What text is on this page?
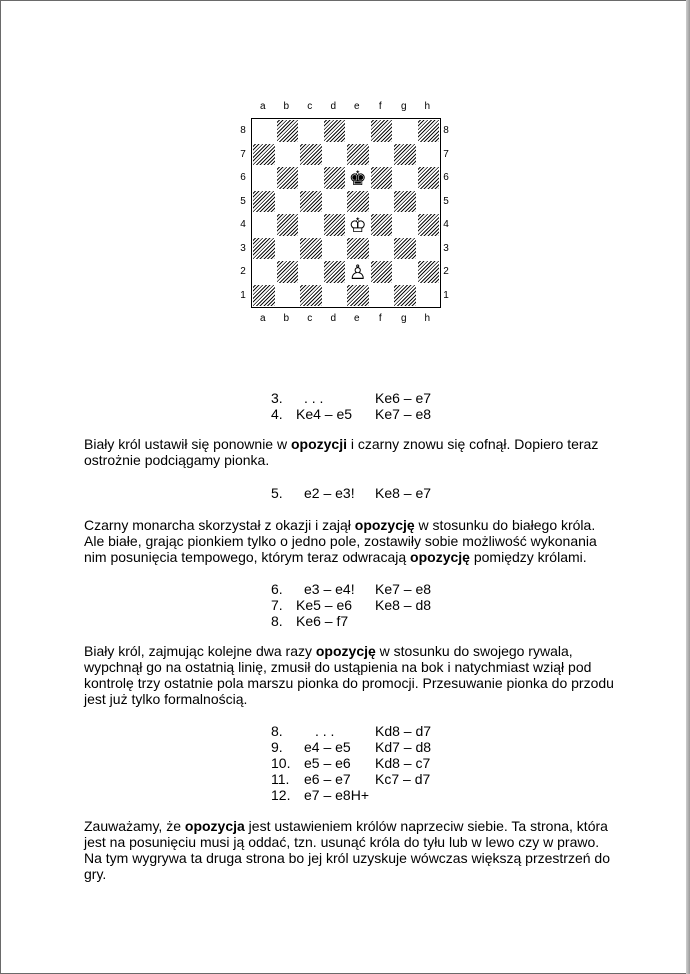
a	b	c	d	e	f	g	h
8
7
6
5
4
3
2
1
♚
♔
♙
8
7
6
5
4
3
2
1
a	b	c	d	e	f	g	h
3. . . .	Ke6 – e7
4. Ke4 – e5 Ke7 – e8

Biały król ustawił się ponownie w opozycji i czarny znowu się cofnął. Dopiero teraz ostrożnie podciągamy pionka.

5. e2 – e3! Ke8 – e7

Czarny monarcha skorzystał z okazji i zajął opozycję w stosunku do białego króla. Ale białe, grając pionkiem tylko o jedno pole, zostawiły sobie możliwość wykonania nim posunięcia tempowego, którym teraz odwracają opozycję pomiędzy królami.

6. e3 – e4! Ke7 – e8
7. Ke5 – e6 Ke8 – d8
8. Ke6 – f7

Biały król, zajmując kolejne dwa razy opozycję w stosunku do swojego rywala, wypchnął go na ostatnią linię, zmusił do ustąpienia na bok i natychmiast wziął pod kontrolę trzy ostatnie pola marszu pionka do promocji. Przesuwanie pionka do przodu jest już tylko formalnością.

8. . . .	Kd8 – d7
9. e4 – e5 Kd7 – d8
10. e5 – e6 Kd8 – c7
11. e6 – e7 Kc7 – d7
12. e7 – e8H+

Zauważamy, że opozycja jest ustawieniem królów naprzeciw siebie. Ta strona, która jest na posunięciu musi ją oddać, tzn. usunąć króla do tyłu lub w lewo czy w prawo. Na tym wygrywa ta druga strona bo jej król uzyskuje wówczas większą przestrzeń do gry.
